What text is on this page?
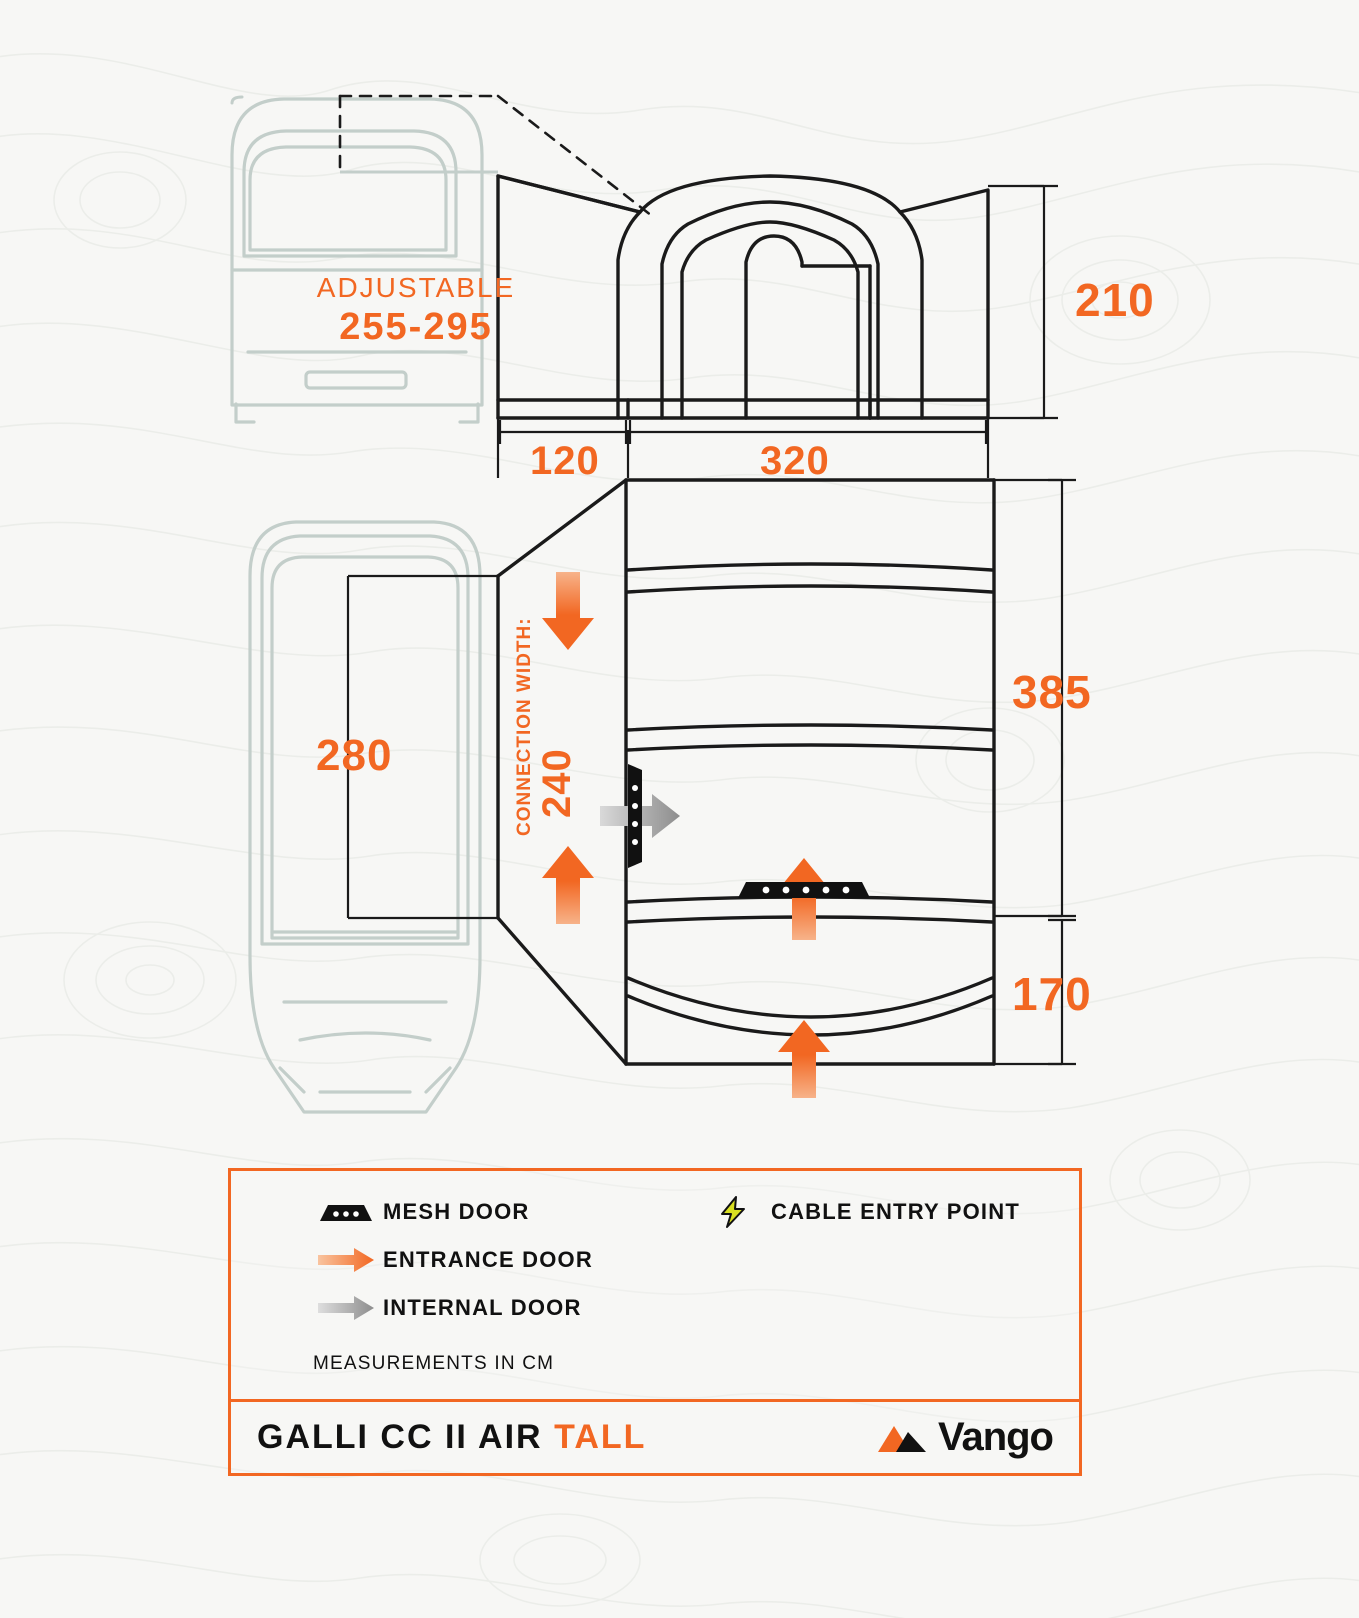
210
120	320
280	CONNECTION WIDTH: 240
385
170
ADJUSTABLE
255-295
MESH DOOR
ENTRANCE DOOR
INTERNAL DOOR
CABLE ENTRY POINT
MEASUREMENTS IN CM
GALLI CC II AIR TALL	Vango
